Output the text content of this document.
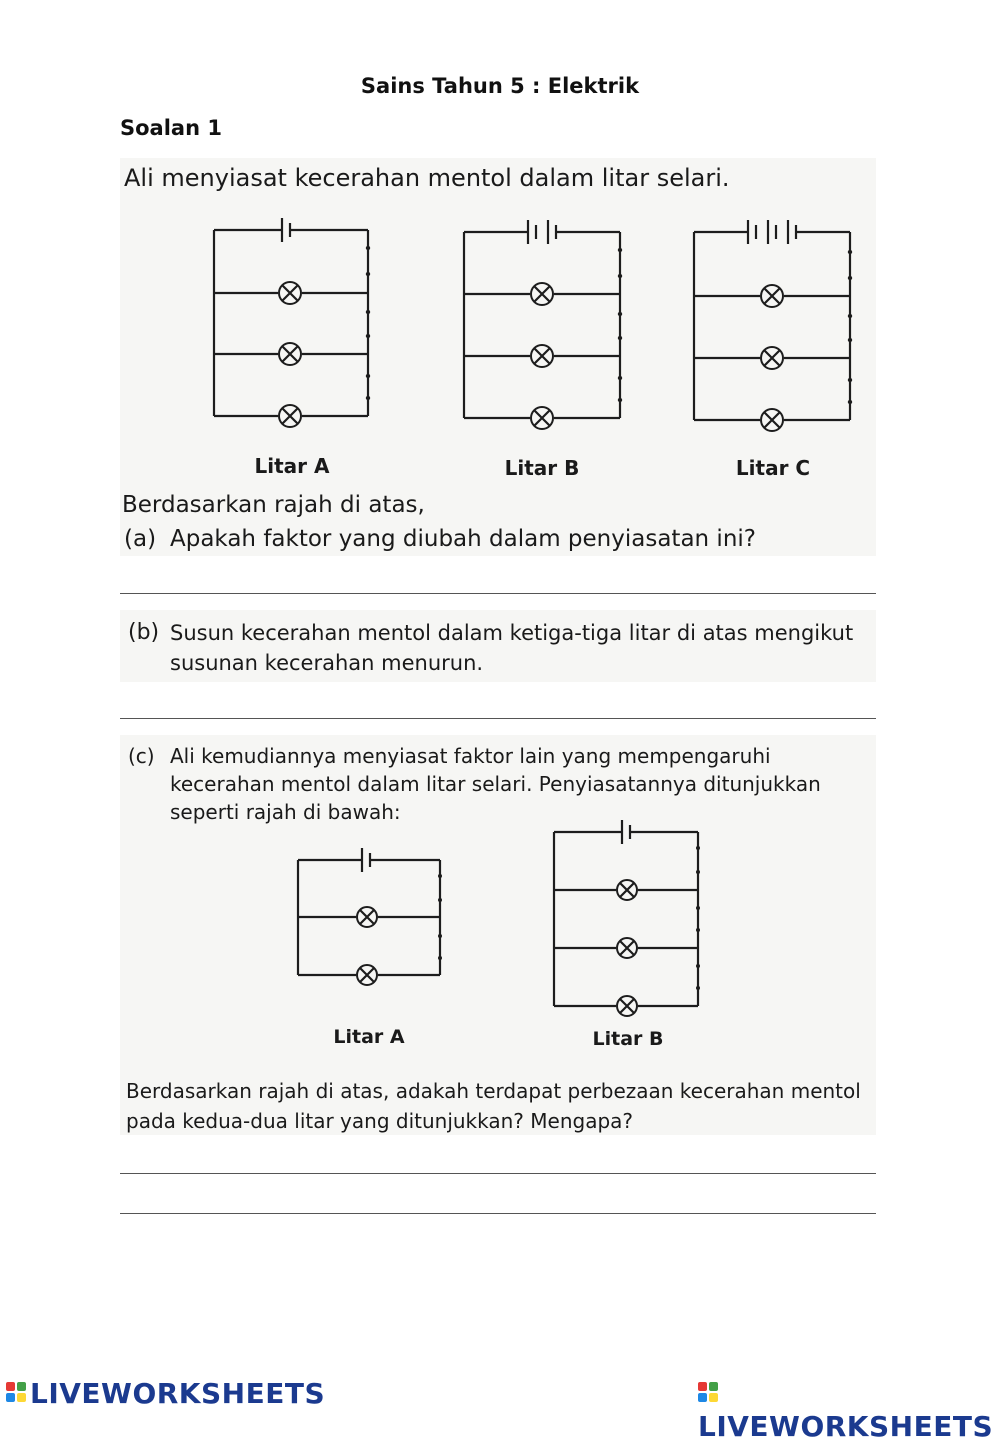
Sains Tahun 5 : Elektrik
Soalan 1
Ali menyiasat kecerahan mentol dalam litar selari.
Litar A	Litar B	Litar C
Berdasarkan rajah di atas,
(a) Apakah faktor yang diubah dalam penyiasatan ini?
(b) Susun kecerahan mentol dalam ketiga-tiga litar di atas mengikut
susunan kecerahan menurun.
(c) Ali kemudiannya menyiasat faktor lain yang mempengaruhi
kecerahan mentol dalam litar selari. Penyiasatannya ditunjukkan
seperti rajah di bawah:
Litar A	Litar B
Berdasarkan rajah di atas, adakah terdapat perbezaan kecerahan mentol
pada kedua-dua litar yang ditunjukkan? Mengapa?
LIVEWORKSHEETS
LIVEWORKSHEETS
